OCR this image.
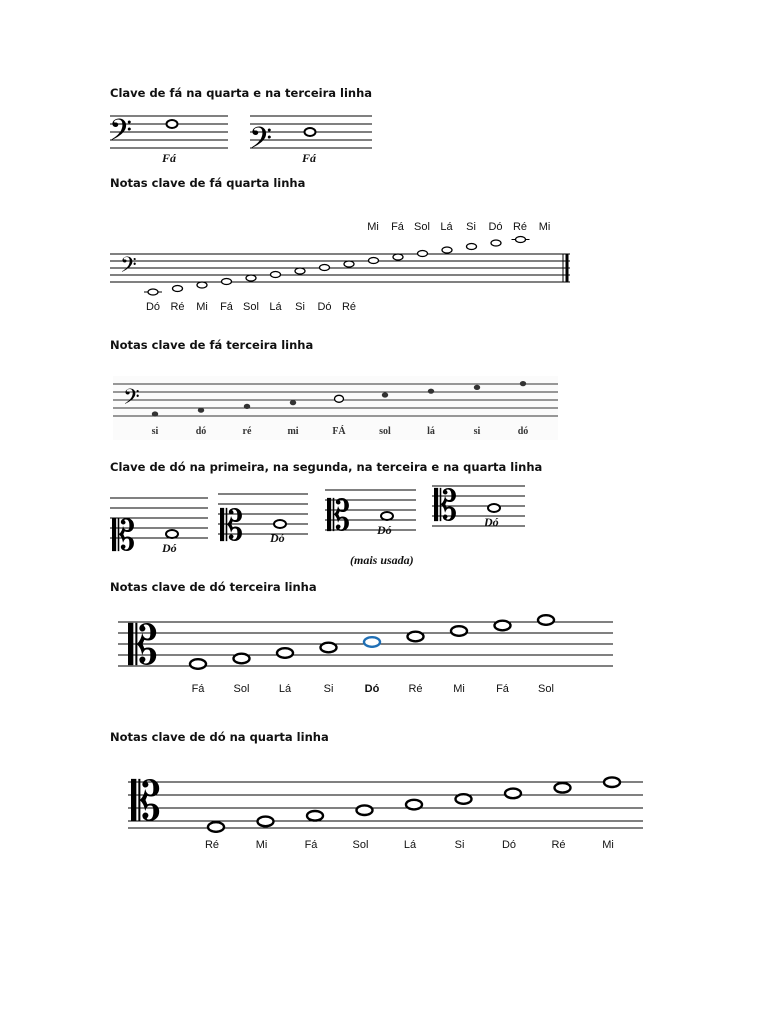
Clave de fá na quarta e na terceira linha
𝄢
Fá 𝄢 Fá
Notas clave de fá quarta linha
𝄢
Mi Fá Sol Lá Si Dó Ré Mi
Dó Ré Mi Fá Sol Lá Si Dó Ré
Notas clave de fá terceira linha
𝄢
si	dó	ré	mi	FÁ	sol	lá	si	dó
Clave de dó na primeira, na segunda, na terceira e na quarta linha
𝄡 Dó 𝄡 Dó 𝄡 Dó 𝄡 Dó
(mais usada)
Notas clave de dó terceira linha
𝄡
Fá	Sol	Lá	Si	Dó	Ré	Mi	Fá	Sol
Notas clave de dó na quarta linha
𝄡
Ré	Mi	Fá	Sol	Lá	Si	Dó	Ré	Mi
